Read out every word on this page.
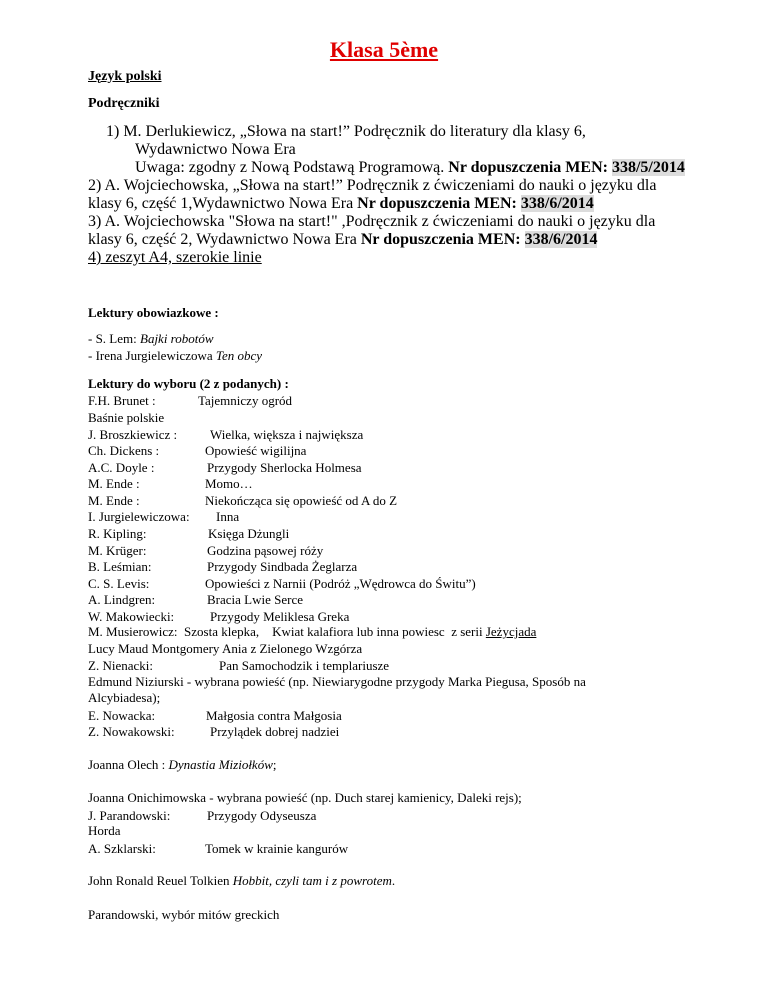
Klasa 5ème
Język polski
Podręczniki
1) M. Derlukiewicz, „Słowa na start!” Podręcznik do literatury dla klasy 6,
Wydawnictwo Nowa Era
Uwaga: zgodny z Nową Podstawą Programową. Nr dopuszczenia MEN: 338/5/2014
2) A. Wojciechowska, „Słowa na start!” Podręcznik z ćwiczeniami do nauki o języku dla
klasy 6, część 1,Wydawnictwo Nowa Era Nr dopuszczenia MEN: 338/6/2014
3) A. Wojciechowska "Słowa na start!" ,Podręcznik z ćwiczeniami do nauki o języku dla
klasy 6, część 2, Wydawnictwo Nowa Era Nr dopuszczenia MEN: 338/6/2014
4) zeszyt A4, szerokie linie
Lektury obowiazkowe :
- S. Lem: Bajki robotów
- Irena Jurgielewiczowa Ten obcy
Lektury do wyboru (2 z podanych) :
F.H. Brunet :	Tajemniczy ogród
Baśnie polskie
J. Broszkiewicz :	Wielka, większa i największa
Ch. Dickens :	Opowieść wigilijna
A.C. Doyle :	Przygody Sherlocka Holmesa
M. Ende :	Momo…
M. Ende :	Niekończąca się opowieść od A do Z
I. Jurgielewiczowa: Inna
R. Kipling:	Księga Dżungli
M. Krüger:	Godzina pąsowej róży
B. Leśmian:	Przygody Sindbada Żeglarza
C. S. Levis:	Opowieści z Narnii (Podróż „Wędrowca do Świtu”)
A. Lindgren:	Bracia Lwie Serce
W. Makowiecki:	Przygody Meliklesa Greka
M. Musierowicz:  Szosta klepka,    Kwiat kalafiora lub inna powiesc  z serii Jeżycjada
Lucy Maud Montgomery Ania z Zielonego Wzgórza
Z. Nienacki:	Pan Samochodzik i templariusze
Edmund Niziurski - wybrana powieść (np. Niewiarygodne przygody Marka Piegusa, Sposób na
Alcybiadesa);
E. Nowacka:	Małgosia contra Małgosia
Z. Nowakowski:	Przylądek dobrej nadziei
Joanna Olech : Dynastia Miziołków;
Joanna Onichimowska - wybrana powieść (np. Duch starej kamienicy, Daleki rejs);
J. Parandowski:	Przygody Odyseusza
Horda
A. Szklarski:	Tomek w krainie kangurów
John Ronald Reuel Tolkien Hobbit, czyli tam i z powrotem.
Parandowski, wybór mitów greckich
